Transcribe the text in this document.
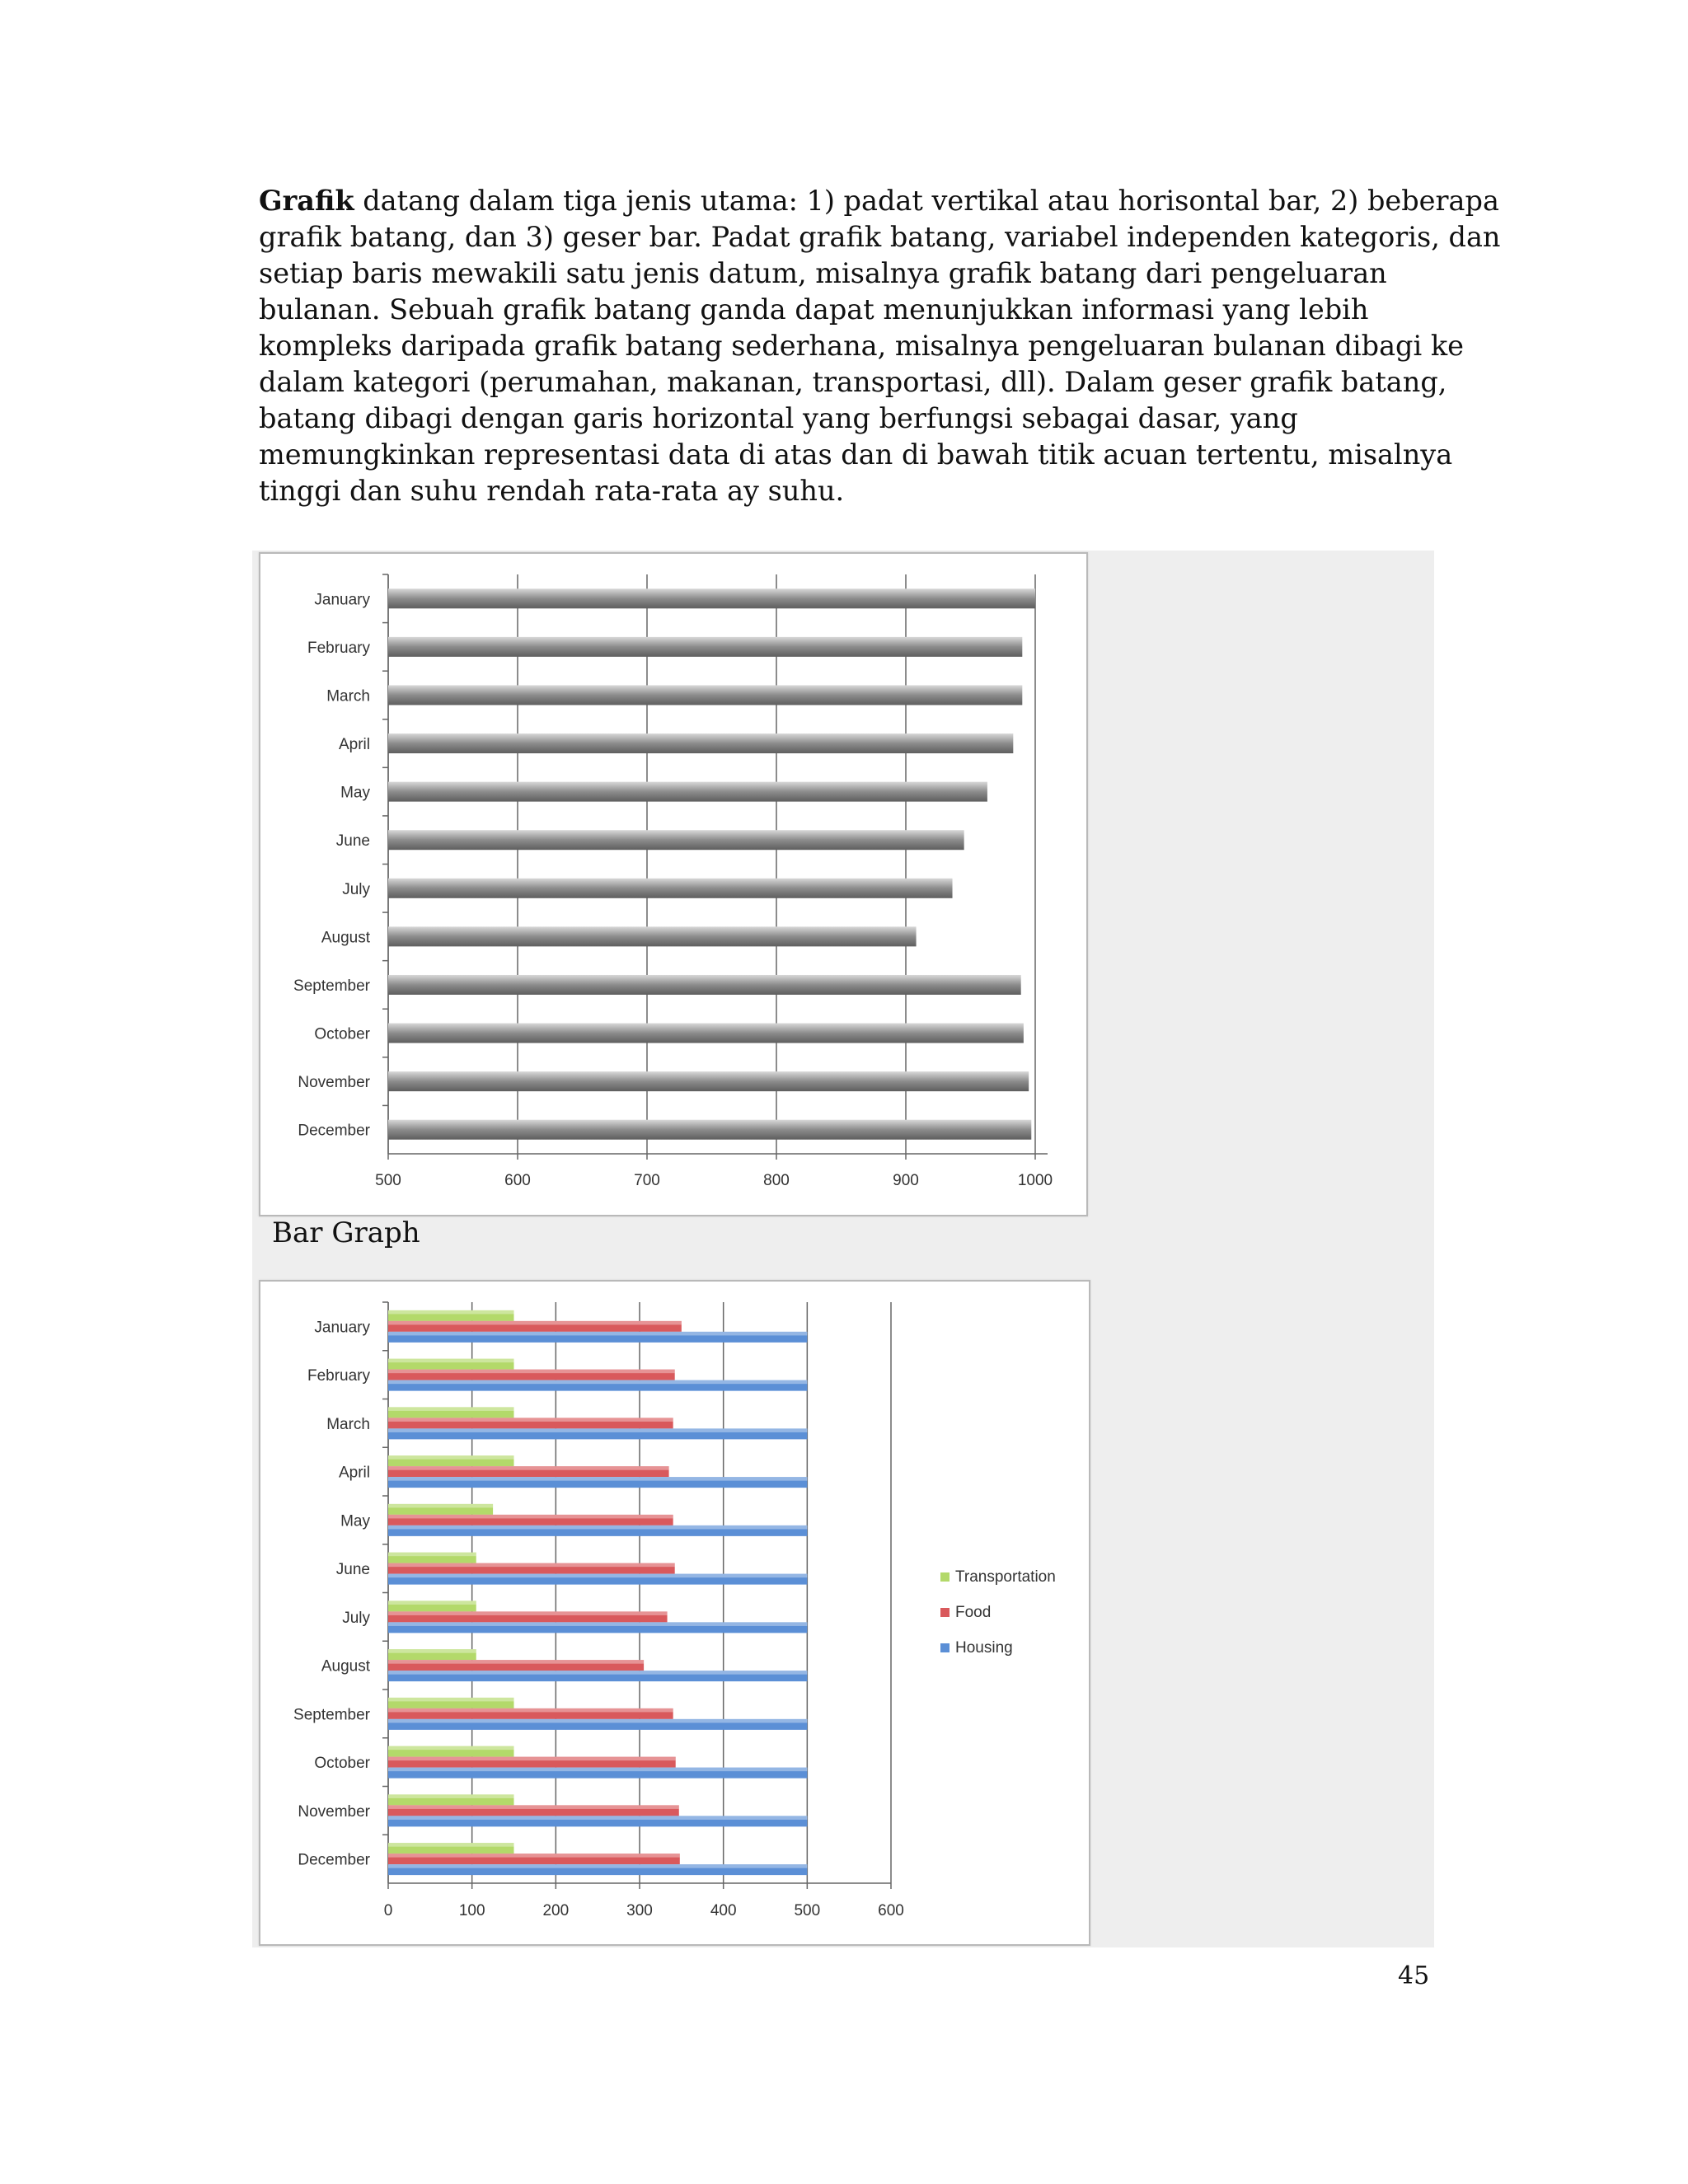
Grafik datang dalam tiga jenis utama: 1) padat vertikal atau horisontal bar, 2) beberapa

grafik batang, dan 3) geser bar. Padat grafik batang, variabel independen kategoris, dan

setiap baris mewakili satu jenis datum, misalnya grafik batang dari pengeluaran

bulanan. Sebuah grafik batang ganda dapat menunjukkan informasi yang lebih

kompleks daripada grafik batang sederhana, misalnya pengeluaran bulanan dibagi ke

dalam kategori (perumahan, makanan, transportasi, dll). Dalam geser grafik batang,

batang dibagi dengan garis horizontal yang berfungsi sebagai dasar, yang

memungkinkan representasi data di atas dan di bawah titik acuan tertentu, misalnya

tinggi dan suhu rendah rata-rata ay suhu.

500	600	700	800	900	1000
January
February
March
April
May
June
July
August
September
October
November
December
Bar Graph
0	100	200	300	400	500	600
January
February
March
April
May
June
July
August
September
October
November
December
Transportation
Food
Housing
45
